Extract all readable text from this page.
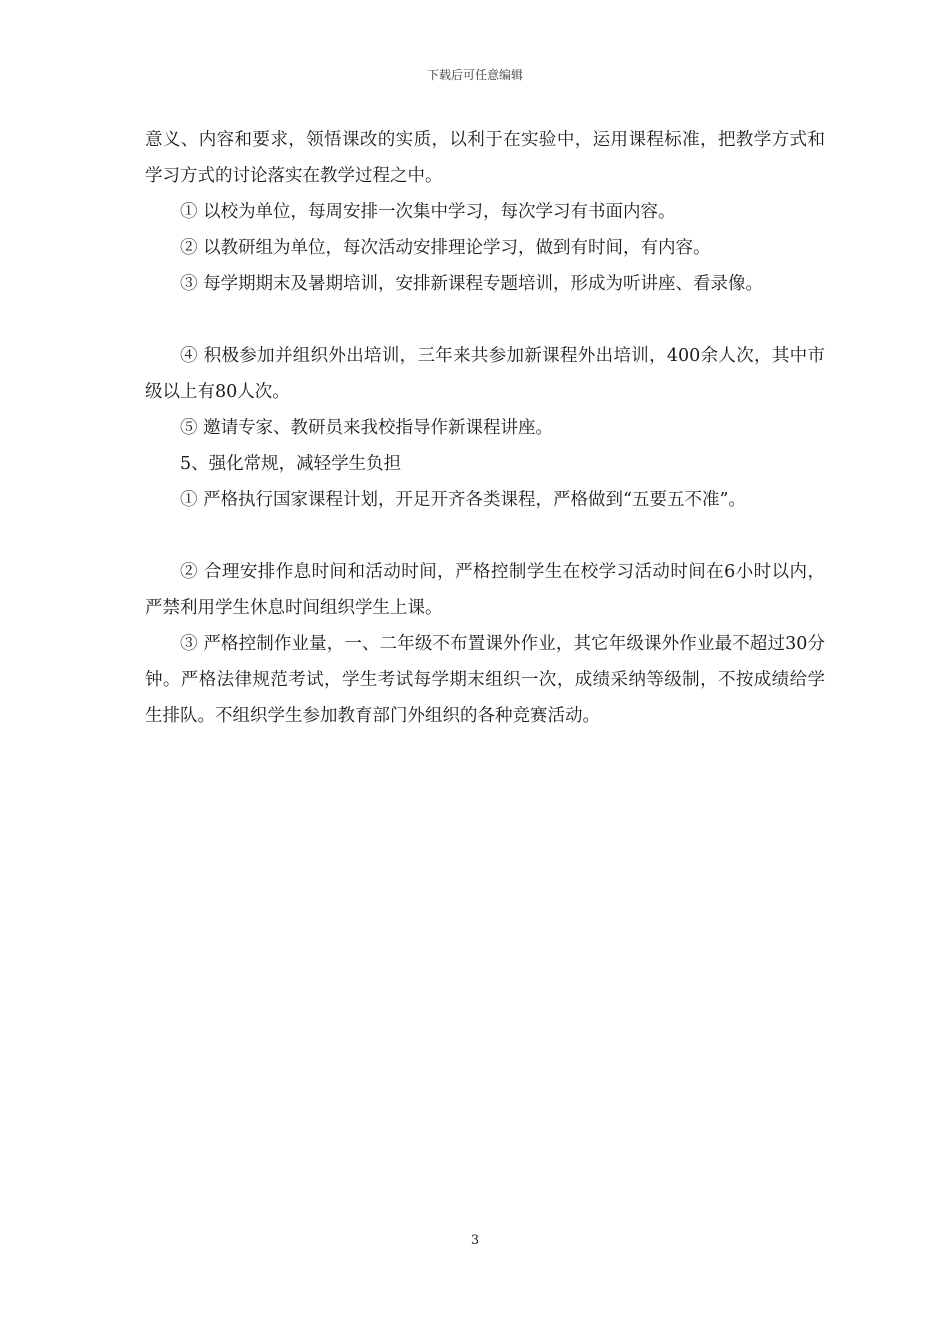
下载后可任意编辑

意义、内容和要求，领悟课改的实质，以利于在实验中，运用课程标准，把教学方式和学习方式的讨论落实在教学过程之中。

① 以校为单位，每周安排一次集中学习，每次学习有书面内容。

② 以教研组为单位，每次活动安排理论学习，做到有时间，有内容。

③ 每学期期末及暑期培训，安排新课程专题培训，形成为听讲座、看录像。

④ 积极参加并组织外出培训，三年来共参加新课程外出培训，400余人次，其中市级以上有80人次。

⑤ 邀请专家、教研员来我校指导作新课程讲座。

5、强化常规，减轻学生负担

① 严格执行国家课程计划，开足开齐各类课程，严格做到“五要五不准”。

② 合理安排作息时间和活动时间，严格控制学生在校学习活动时间在6小时以内，严禁利用学生休息时间组织学生上课。

③ 严格控制作业量，一、二年级不布置课外作业，其它年级课外作业最不超过30分钟。严格法律规范考试，学生考试每学期末组织一次，成绩采纳等级制，不按成绩给学生排队。不组织学生参加教育部门外组织的各种竞赛活动。

3
